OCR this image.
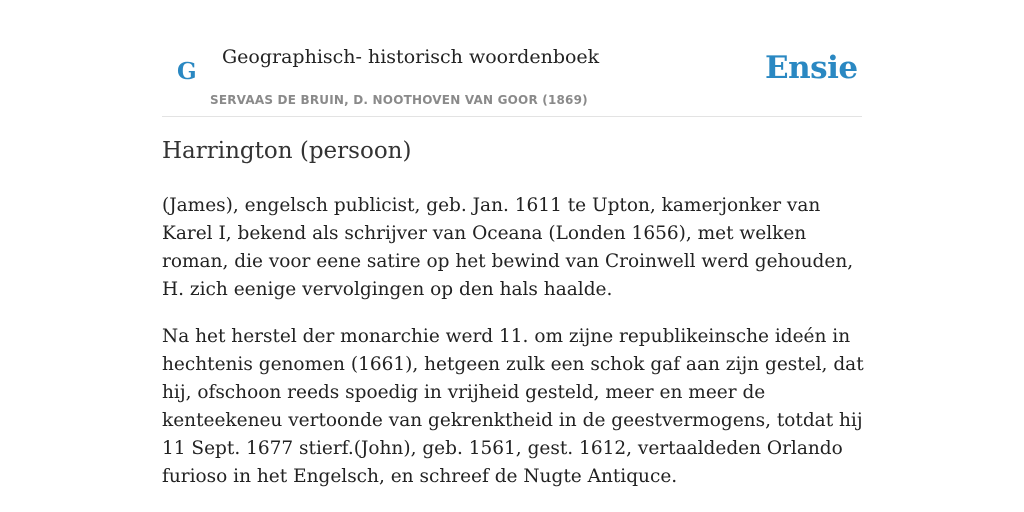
G
Geographisch- historisch woordenboek
SERVAAS DE BRUIN, D. NOOTHOVEN VAN GOOR (1869)
Ensie
Harrington (persoon)

(James), engelsch publicist, geb. Jan. 1611 te Upton, kamerjonker van Karel I, bekend als schrijver van Oceana (Londen 1656), met welken roman, die voor eene satire op het bewind van Croinwell werd gehouden, H. zich eenige vervolgingen op den hals haalde.

Na het herstel der monarchie werd 11. om zijne republikeinsche ideén in hechtenis genomen (1661), hetgeen zulk een schok gaf aan zijn gestel, dat hij, ofschoon reeds spoedig in vrijheid gesteld, meer en meer de kenteekeneu vertoonde van gekrenktheid in de geestvermogens, totdat hij 11 Sept. 1677 stierf.(John), geb. 1561, gest. 1612, vertaaldeden Orlando furioso in het Engelsch, en schreef de Nugte Antiquce.
